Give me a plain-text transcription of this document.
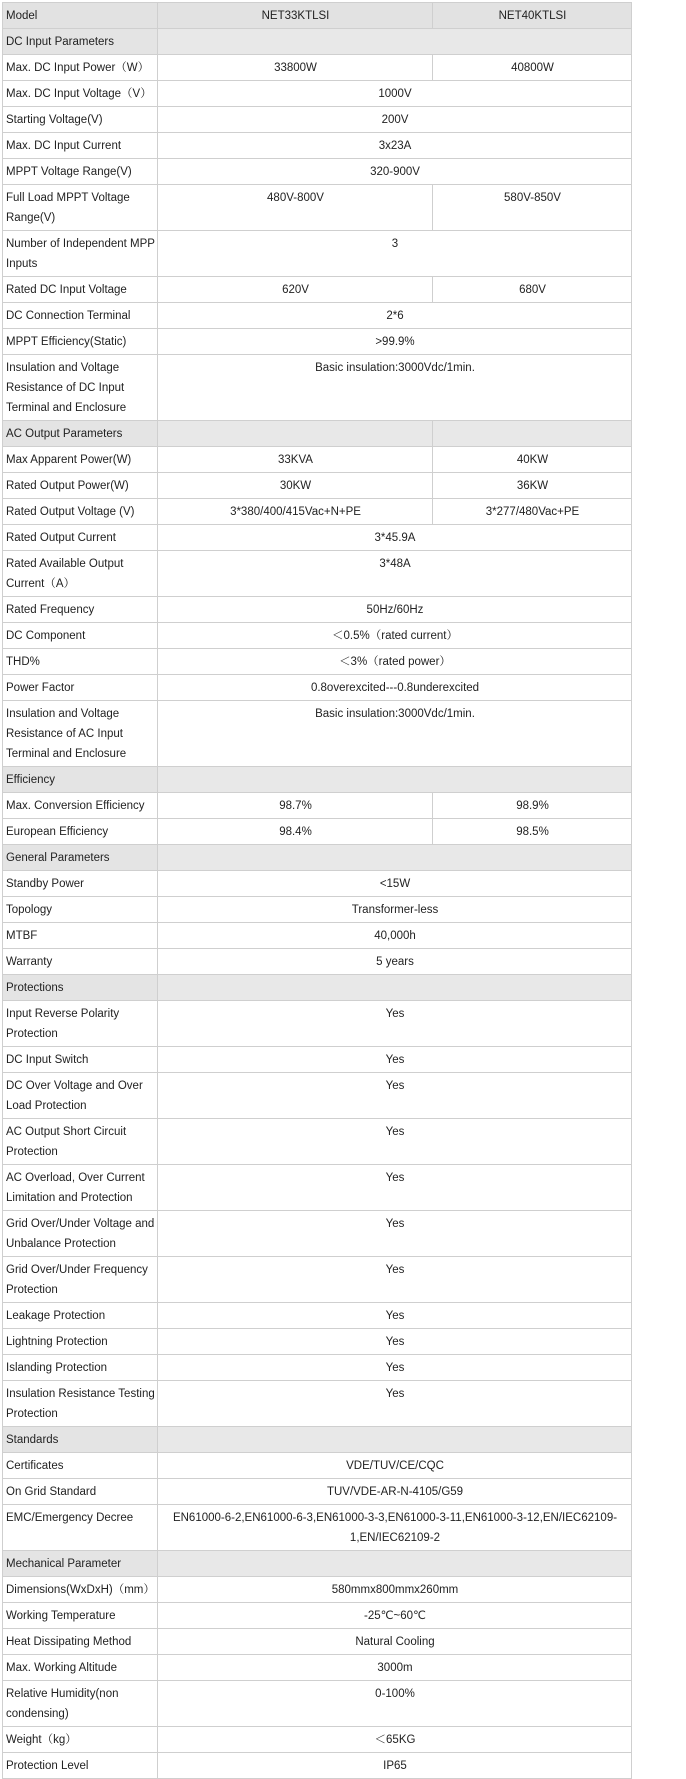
Model	NET33KTLSI	NET40KTLSI
DC Input Parameters		
Max. DC Input Power（W）	33800W	40800W
Max. DC Input Voltage（V）	1000V	
Starting Voltage(V)	200V	
Max. DC Input Current	3x23A	
MPPT Voltage Range(V)	320-900V	
Full Load MPPT Voltage Range(V)	480V-800V	580V-850V
Number of Independent MPP Inputs	3	
Rated DC Input Voltage	620V	680V
DC Connection Terminal	2*6	
MPPT Efficiency(Static)	>99.9%	
Insulation and Voltage Resistance of DC Input Terminal and Enclosure	Basic insulation:3000Vdc/1min.	
AC Output Parameters		
Max Apparent Power(W)	33KVA	40KW
Rated Output Power(W)	30KW	36KW
Rated Output Voltage (V)	3*380/400/415Vac+N+PE	3*277/480Vac+PE
Rated Output Current	3*45.9A	
Rated Available Output Current（A）	3*48A	
Rated Frequency	50Hz/60Hz	
DC Component	＜0.5%（rated current）	
THD%	＜3%（rated power）	
Power Factor	0.8overexcited---0.8underexcited	
Insulation and Voltage Resistance of AC Input Terminal and Enclosure	Basic insulation:3000Vdc/1min.	
Efficiency		
Max. Conversion Efficiency	98.7%	98.9%
European Efficiency	98.4%	98.5%
General Parameters		
Standby Power	<15W	
Topology	Transformer-less	
MTBF	40,000h	
Warranty	5 years	
Protections		
Input Reverse Polarity Protection	Yes	
DC Input Switch	Yes	
DC Over Voltage and Over Load Protection	Yes	
AC Output Short Circuit Protection	Yes	
AC Overload, Over Current Limitation and Protection	Yes	
Grid Over/Under Voltage and Unbalance Protection	Yes	
Grid Over/Under Frequency Protection	Yes	
Leakage Protection	Yes	
Lightning Protection	Yes	
Islanding Protection	Yes	
Insulation Resistance Testing Protection	Yes	
Standards		
Certificates	VDE/TUV/CE/CQC	
On Grid Standard	TUV/VDE-AR-N-4105/G59	
EMC/Emergency Decree	EN61000-6-2,EN61000-6-3,EN61000-3-3,EN61000-3-11,EN61000-3-12,EN/IEC62109-1,EN/IEC62109-2	
Mechanical Parameter		
Dimensions(WxDxH)（mm）	580mmx800mmx260mm	
Working Temperature	-25℃~60℃	
Heat Dissipating Method	Natural Cooling	
Max. Working Altitude	3000m	
Relative Humidity(non condensing)	0-100%	
Weight（kg）	＜65KG	
Protection Level	IP65	
